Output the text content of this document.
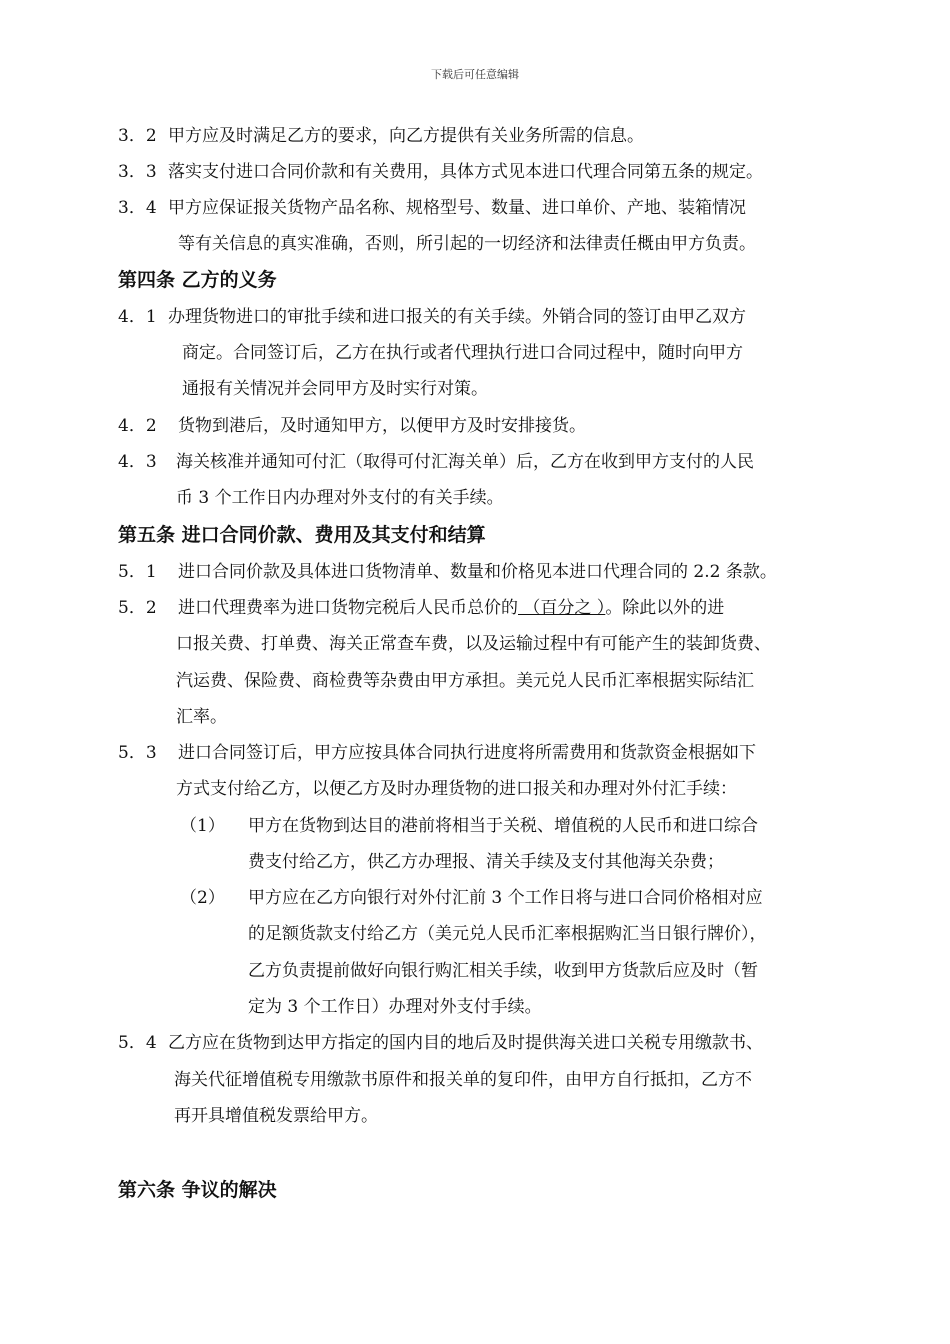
下载后可任意编辑
3．2 甲方应及时满足乙方的要求，向乙方提供有关业务所需的信息。
3．3 落实支付进口合同价款和有关费用，具体方式见本进口代理合同第五条的规定。
3．4 甲方应保证报关货物产品名称、规格型号、数量、进口单价、产地、装箱情况
等有关信息的真实准确，否则，所引起的一切经济和法律责任概由甲方负责。
第四条 乙方的义务
4．1 办理货物进口的审批手续和进口报关的有关手续。外销合同的签订由甲乙双方
商定。合同签订后，乙方在执行或者代理执行进口合同过程中，随时向甲方
通报有关情况并会同甲方及时实行对策。
4．2 货物到港后，及时通知甲方，以便甲方及时安排接货。
4．3 海关核准并通知可付汇（取得可付汇海关单）后，乙方在收到甲方支付的人民
币 3 个工作日内办理对外支付的有关手续。
第五条 进口合同价款、费用及其支付和结算
5．1 进口合同价款及具体进口货物清单、数量和价格见本进口代理合同的 2.2 条款。
5．2 进口代理费率为进口货物完税后人民币总价的 （百分之 ）。除此以外的进
口报关费、打单费、海关正常查车费，以及运输过程中有可能产生的装卸货费、
汽运费、保险费、商检费等杂费由甲方承担。美元兑人民币汇率根据实际结汇
汇率。
5．3 进口合同签订后，甲方应按具体合同执行进度将所需费用和货款资金根据如下
方式支付给乙方，以便乙方及时办理货物的进口报关和办理对外付汇手续：
（1） 甲方在货物到达目的港前将相当于关税、增值税的人民币和进口综合
费支付给乙方，供乙方办理报、清关手续及支付其他海关杂费；
（2） 甲方应在乙方向银行对外付汇前 3 个工作日将与进口合同价格相对应
的足额货款支付给乙方（美元兑人民币汇率根据购汇当日银行牌价），
乙方负责提前做好向银行购汇相关手续，收到甲方货款后应及时（暂
定为 3 个工作日）办理对外支付手续。
5．4 乙方应在货物到达甲方指定的国内目的地后及时提供海关进口关税专用缴款书、
海关代征增值税专用缴款书原件和报关单的复印件，由甲方自行抵扣，乙方不
再开具增值税发票给甲方。
第六条 争议的解决
